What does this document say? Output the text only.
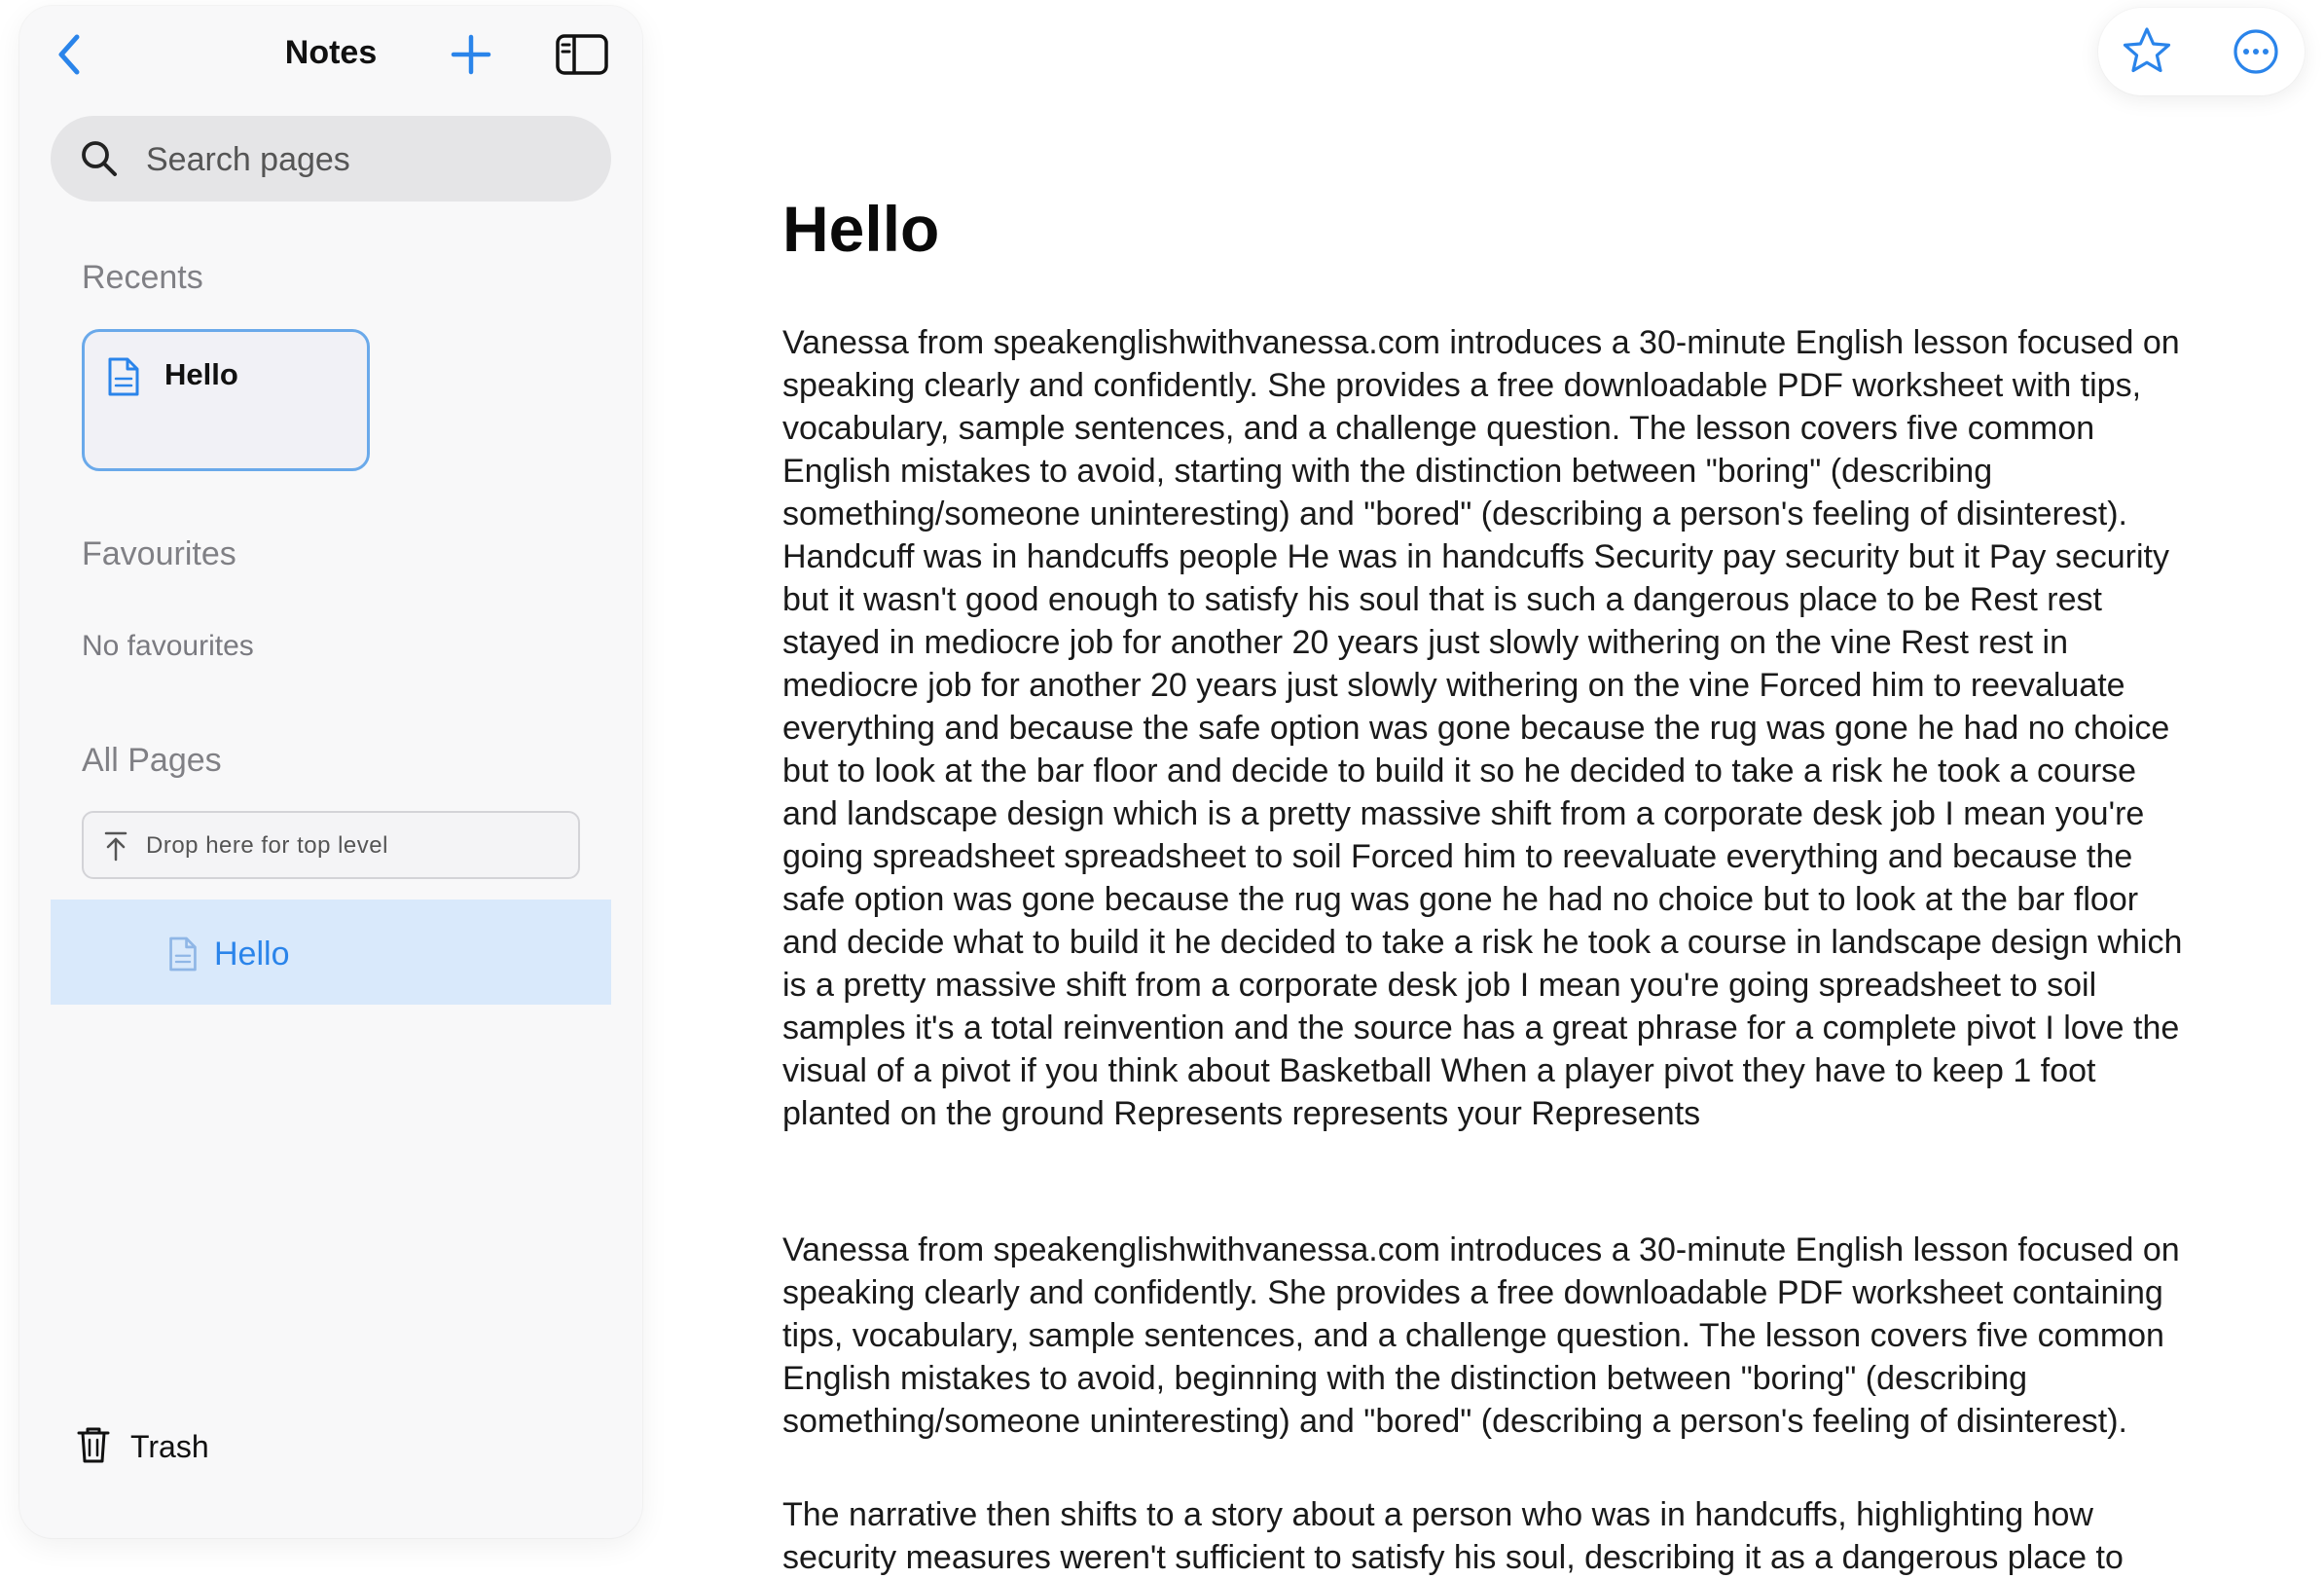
Notes
Search pages
Recents
Hello
Favourites
No favourites
All Pages
Drop here for top level
Hello
Trash
Hello

Vanessa from speakenglishwithvanessa.com introduces a 30-minute English lesson focused on speaking clearly and confidently. She provides a free downloadable PDF worksheet with tips, vocabulary, sample sentences, and a challenge question. The lesson covers five common English mistakes to avoid, starting with the distinction between "boring" (describing something/someone uninteresting) and "bored" (describing a person's feeling of disinterest). Handcuff was in handcuffs people He was in handcuffs Security pay security but it Pay security but it wasn't good enough to satisfy his soul that is such a dangerous place to be Rest rest stayed in mediocre job for another 20 years just slowly withering on the vine Rest rest in mediocre job for another 20 years just slowly withering on the vine Forced him to reevaluate everything and because the safe option was gone because the rug was gone he had no choice but to look at the bar floor and decide to build it so he decided to take a risk he took a course and landscape design which is a pretty massive shift from a corporate desk job I mean you're going spreadsheet spreadsheet to soil Forced him to reevaluate everything and because the safe option was gone because the rug was gone he had no choice but to look at the bar floor and decide what to build it he decided to take a risk he took a course in landscape design which is a pretty massive shift from a corporate desk job I mean you're going spreadsheet to soil samples it's a total reinvention and the source has a great phrase for a complete pivot I love the visual of a pivot if you think about Basketball When a player pivot they have to keep 1 foot planted on the ground Represents represents your Represents

Vanessa from speakenglishwithvanessa.com introduces a 30-minute English lesson focused on speaking clearly and confidently. She provides a free downloadable PDF worksheet containing tips, vocabulary, sample sentences, and a challenge question. The lesson covers five common English mistakes to avoid, beginning with the distinction between "boring" (describing something/someone uninteresting) and "bored" (describing a person's feeling of disinterest).

The narrative then shifts to a story about a person who was in handcuffs, highlighting how security measures weren't sufficient to satisfy his soul, describing it as a dangerous place to
